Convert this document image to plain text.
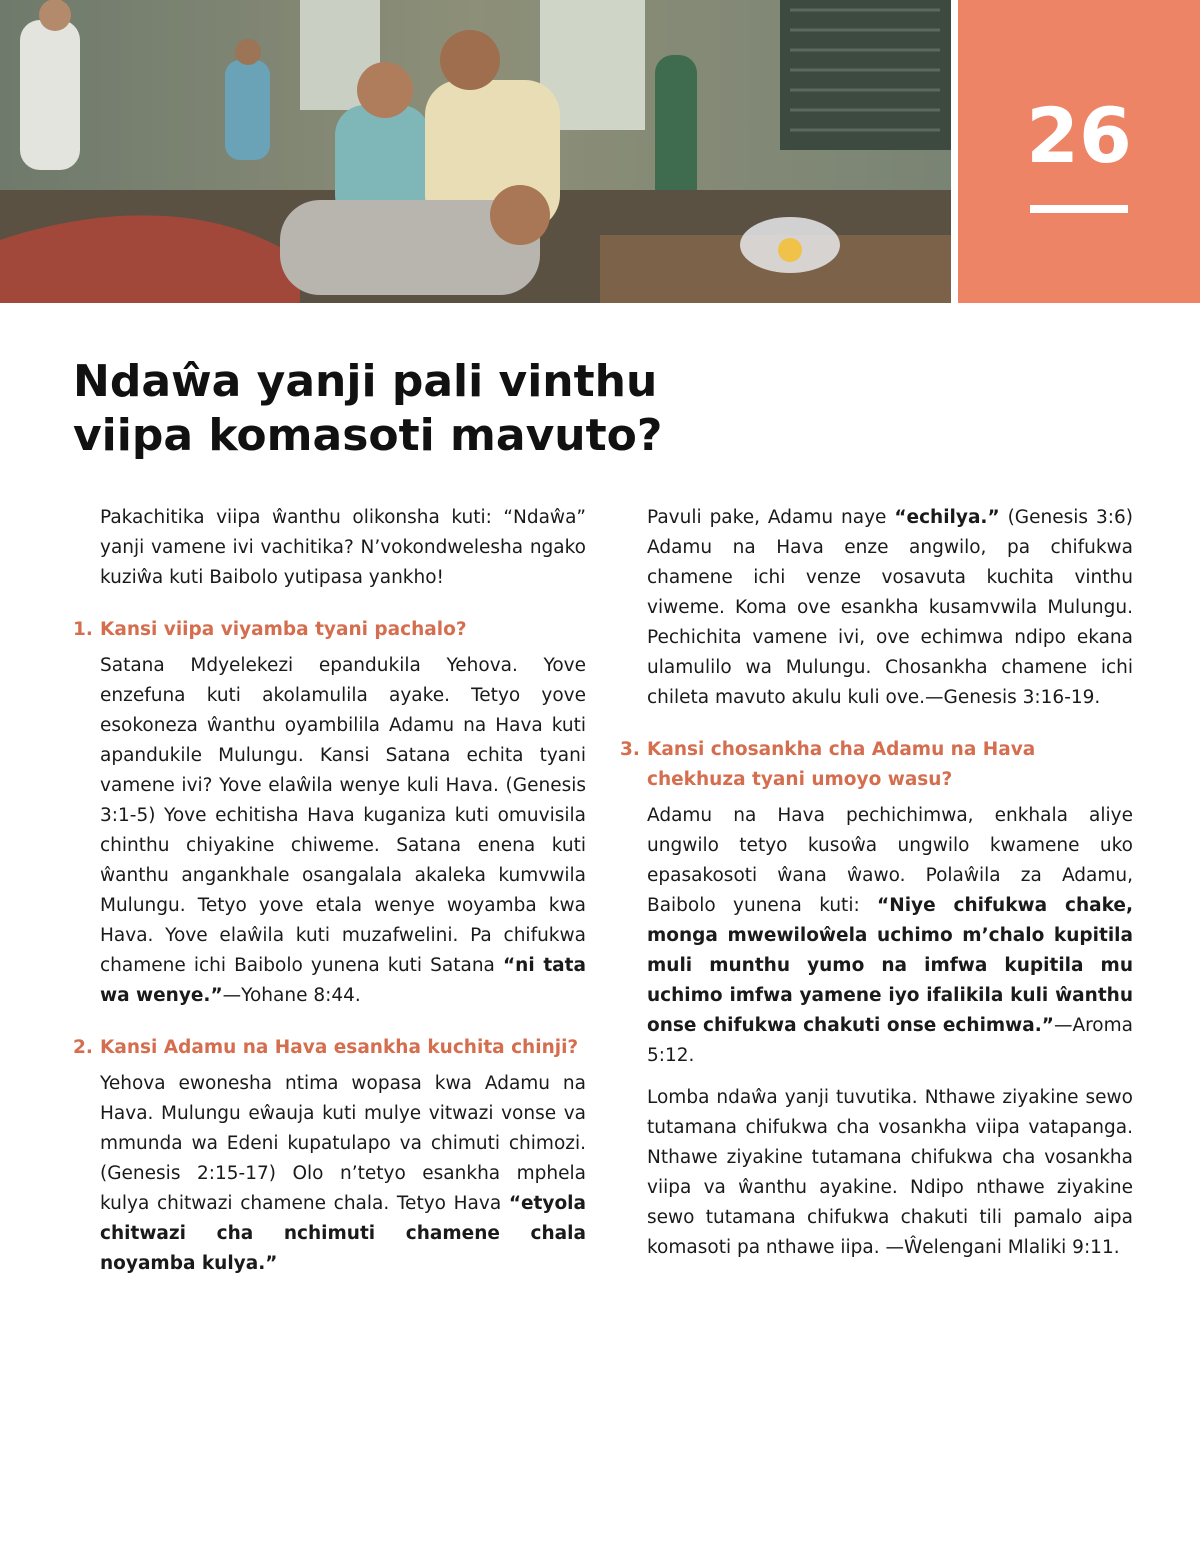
26
Ndaŵa yanji pali vinthu
viipa komasoti mavuto?

Pakachitika viipa ŵanthu olikonsha kuti: “Ndaŵa” yanji vamene ivi vachitika? N’vokondwelesha ngako kuziŵa kuti Baibolo yutipasa yankho!

1. Kansi viipa viyamba tyani pachalo?

Satana Mdyelekezi epandukila Yehova. Yove enzefuna kuti akolamulila ayake. Tetyo yove esokoneza ŵanthu oyambilila Adamu na Hava kuti apandukile Mulungu. Kansi Satana echita tyani vamene ivi? Yove elaŵila wenye kuli Hava. (Genesis 3:1-5) Yove echitisha Hava kuganiza kuti omuvisila chinthu chiyakine chiweme. Satana enena kuti ŵanthu angankhale osangalala akaleka kumvwila Mulungu. Tetyo yove etala wenye woyamba kwa Hava. Yove elaŵila kuti muzafwelini. Pa chifukwa chamene ichi Baibolo yunena kuti Satana “ni tata wa wenye.”—Yohane 8:44.

2. Kansi Adamu na Hava esankha kuchita chinji?

Yehova ewonesha ntima wopasa kwa Adamu na Hava. Mulungu eŵauja kuti mulye vitwazi vonse va mmunda wa Edeni kupatulapo va chimuti chimozi. (Genesis 2:15-17) Olo n’tetyo esankha mphela kulya chitwazi chamene chala. Tetyo Hava “etyola chitwazi cha nchimuti chamene chala noyamba kulya.”

Pavuli pake, Adamu naye “echilya.” (Genesis 3:6) Adamu na Hava enze angwilo, pa chifukwa chamene ichi venze vosavuta kuchita vinthu viweme. Koma ove esankha kusamvwila Mulungu. Pechichita vamene ivi, ove echimwa ndipo ekana ulamulilo wa Mulungu. Chosankha chamene ichi chileta mavuto akulu kuli ove.—Genesis 3:16-19.

3. Kansi chosankha cha Adamu na Hava chekhuza tyani umoyo wasu?

Adamu na Hava pechichimwa, enkhala aliye ungwilo tetyo kusoŵa ungwilo kwamene uko epasakosoti ŵana ŵawo. Polaŵila za Adamu, Baibolo yunena kuti: “Niye chifukwa chake, monga mwewiloŵela uchimo m’chalo kupitila muli munthu yumo na imfwa kupitila mu uchimo imfwa yamene iyo ifalikila kuli ŵanthu onse chifukwa chakuti onse echimwa.”—Aroma 5:12.

Lomba ndaŵa yanji tuvutika. Nthawe ziyakine sewo tutamana chifukwa cha vosankha viipa vatapanga. Nthawe ziyakine tutamana chifukwa cha vosankha viipa va ŵanthu ayakine. Ndipo nthawe ziyakine sewo tutamana chifukwa chakuti tili pamalo aipa komasoti pa nthawe iipa. —Ŵelengani Mlaliki 9:11.
